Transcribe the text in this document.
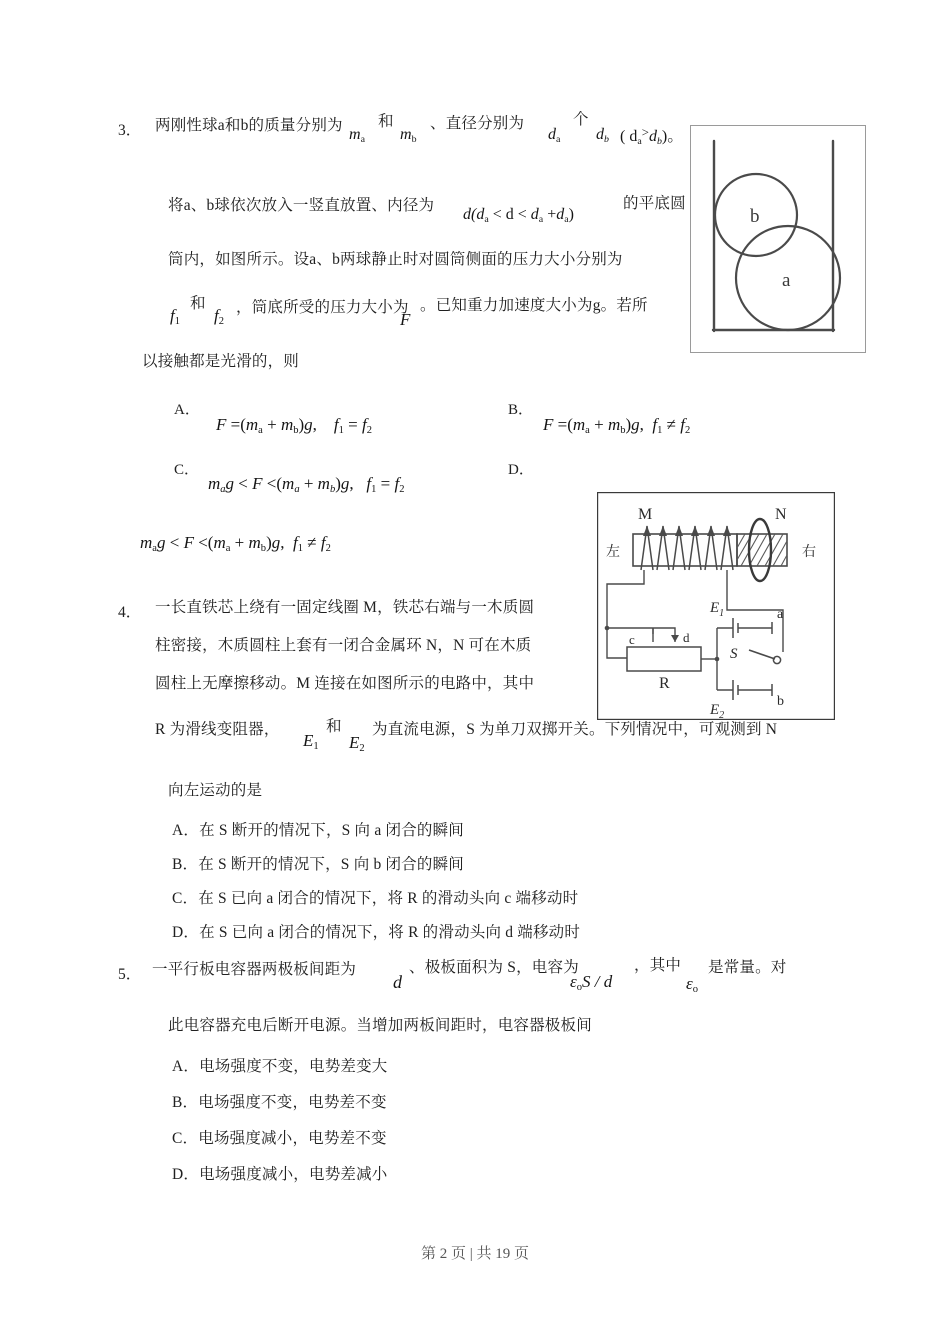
3． 两刚性球a和b的质量分别为
$m_a$
和
$m_b$
、直径分别为
$d_a$
个
$d_b$ ( $d_a^>d_b$)。
将a、b球依次放入一竖直放置、内径为
$d(d_a < d < d_a +d_a)$
的平底圆
筒内，如图所示。设a、b两球静止时对圆筒侧面的压力大小分别为
$f_1$
和
$f_2$
，筒底所受的压力大小为
F
。已知重力加速度大小为g。若所
以接触都是光滑的，则
A．
$F =(m_a + m_b)g$, $f_1 = f_2$
B．
$F =(m_a + m_b)g$, $f_1 \ne f_2$
C．
$m_ag < F <(m_a + m_b)g$, $f_1 = f_2$
D．
$m_ag < F <(m_a + m_b)g$, $f_1 \ne f_2$
b
a
M	N
左	右
c	d
R
$E_1$
$E_2$
a
b
S
4． 一长直铁芯上绕有一固定线圈 M，铁芯右端与一木质圆
柱密接，木质圆柱上套有一闭合金属环 N，N 可在木质
圆柱上无摩擦移动。M 连接在如图所示的电路中，其中
R 为滑线变阻器，
$E_1$
和
$E_2$
为直流电源，S 为单刀双掷开关。下列情况中，可观测到 N
向左运动的是
A．在 S 断开的情况下，S 向 a 闭合的瞬间
B．在 S 断开的情况下，S 向 b 闭合的瞬间
C．在 S 已向 a 闭合的情况下，将 R 的滑动头向 c 端移动时
D．在 S 已向 a 闭合的情况下，将 R 的滑动头向 d 端移动时
5． 一平行板电容器两极板间距为
d
、极板面积为 S，电容为
$\varepsilon_oS$ / d
，其中
$\varepsilon_o$
是常量。对
此电容器充电后断开电源。当增加两板间距时，电容器极板间
A．电场强度不变，电势差变大
B．电场强度不变，电势差不变
C．电场强度减小，电势差不变
D．电场强度减小，电势差减小
第 2 页 | 共 19 页
